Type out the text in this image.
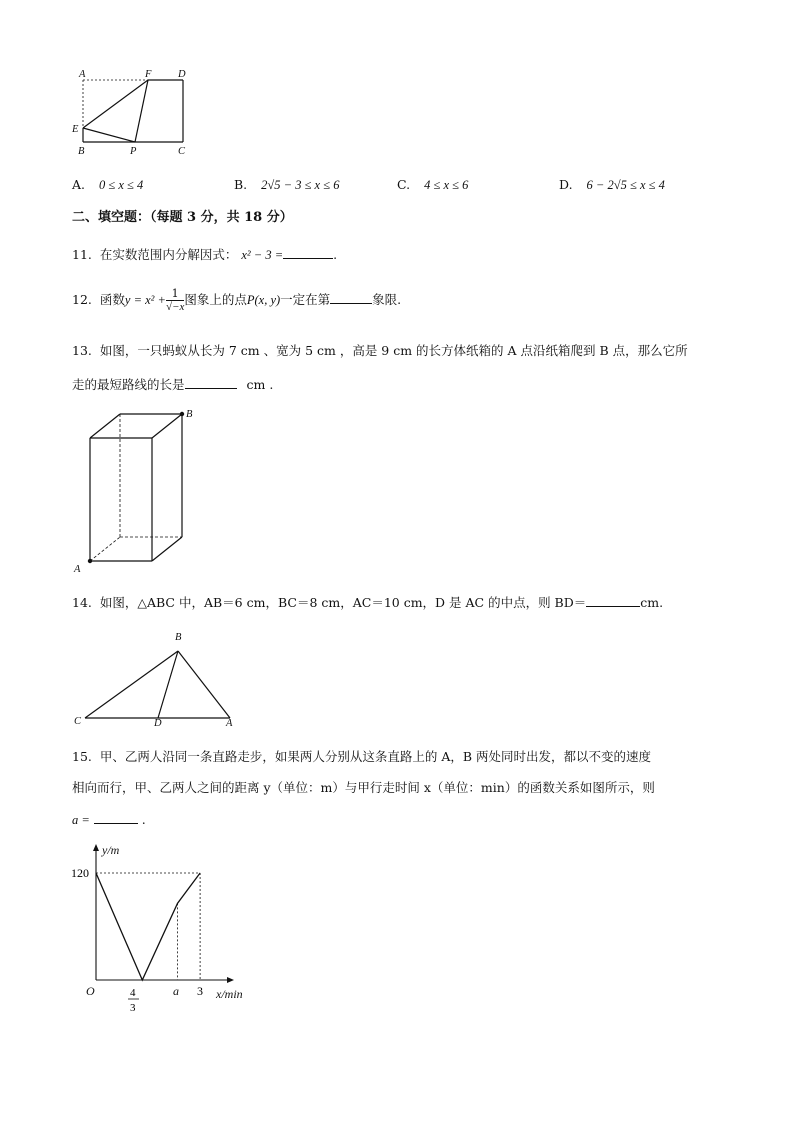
A	F	D
E
B	P	C
A. 0 ≤ x ≤ 4	B. 2√5 − 3 ≤ x ≤ 6	C. 4 ≤ x ≤ 6	D. 6 − 2√5 ≤ x ≤ 4
二、填空题：（每题 3 分，共 18 分）
11. 在实数范围内分解因式： x² − 3 =	.
12. 函数$y = x^2 + \frac{1}{√-x}$ 图象上的点P(x, y)一定在第	象限.
13. 如图，一只蚂蚁从长为 7 cm 、宽为 5 cm ，高是 9 cm 的长方体纸箱的 A 点沿纸箱爬到 B 点，那么它所
走的最短路线的长是	cm .
A
B
14. 如图，△ABC 中，AB＝6 cm，BC＝8 cm，AC＝10 cm，D 是 AC 的中点，则 BD＝	cm.
B
C	D	A
15. 甲、乙两人沿同一条直路走步，如果两人分别从这条直路上的 A，B 两处同时出发，都以不变的速度
相向而行，甲、乙两人之间的距离 y（单位：m）与甲行走时间 x（单位：min）的函数关系如图所示，则
a =	.
y/m
x/min
O
120
4
3
a 3
